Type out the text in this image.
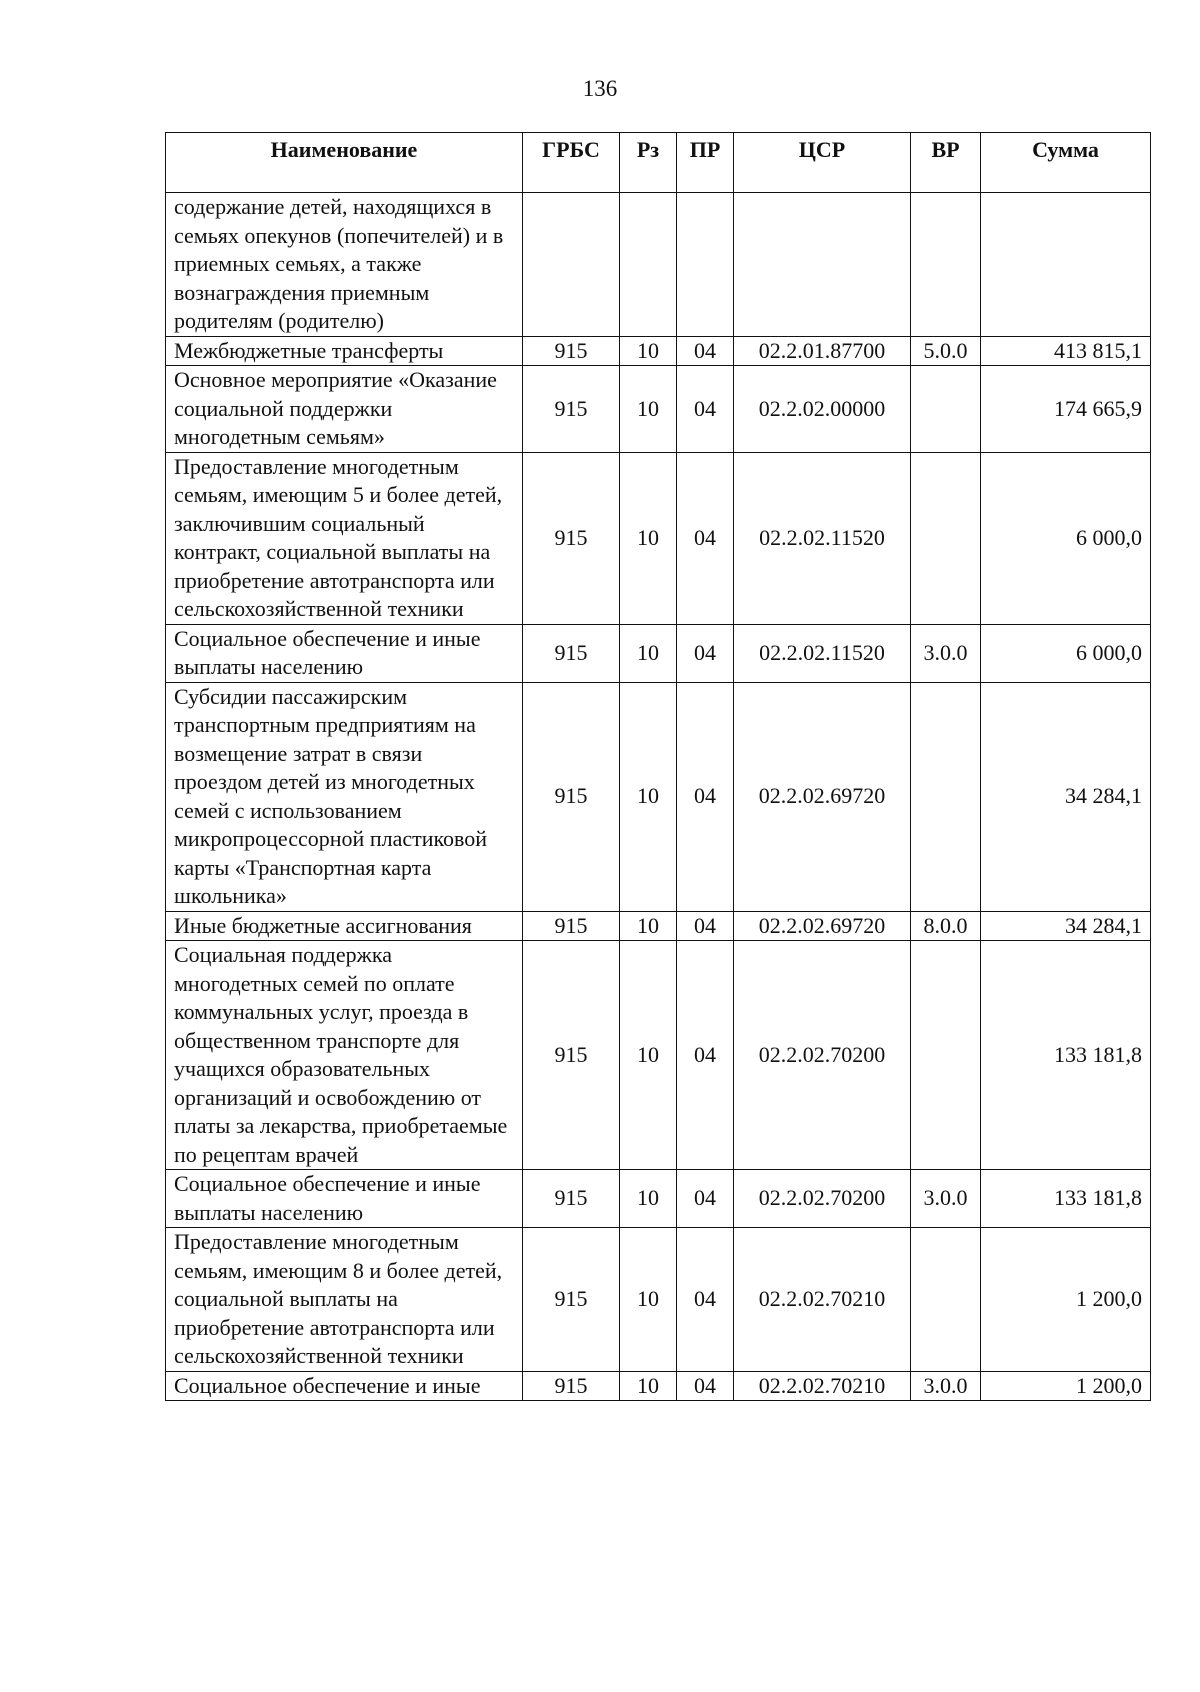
136
Наименование	ГРБС	Рз	ПР	ЦСР	ВР	Сумма
содержание детей, находящихся в семьях опекунов (попечителей) и в приемных семьях, а также вознаграждения приемным родителям (родителю)						
Межбюджетные трансферты	915	10	04	02.2.01.87700	5.0.0	413 815,1
Основное мероприятие «Оказание социальной поддержки многодетным семьям»	915	10	04	02.2.02.00000		174 665,9
Предоставление многодетным семьям, имеющим 5 и более детей, заключившим социальный контракт, социальной выплаты на приобретение автотранспорта или сельскохозяйственной техники	915	10	04	02.2.02.11520		6 000,0
Социальное обеспечение и иные выплаты населению	915	10	04	02.2.02.11520	3.0.0	6 000,0
Субсидии пассажирским транспортным предприятиям на возмещение затрат в связи проездом детей из многодетных семей с использованием микропроцессорной пластиковой карты «Транспортная карта школьника»	915	10	04	02.2.02.69720		34 284,1
Иные бюджетные ассигнования	915	10	04	02.2.02.69720	8.0.0	34 284,1
Социальная поддержка многодетных семей по оплате коммунальных услуг, проезда в общественном транспорте для учащихся образовательных организаций и освобождению от платы за лекарства, приобретаемые по рецептам врачей	915	10	04	02.2.02.70200		133 181,8
Социальное обеспечение и иные выплаты населению	915	10	04	02.2.02.70200	3.0.0	133 181,8
Предоставление многодетным семьям, имеющим 8 и более детей, социальной выплаты на приобретение автотранспорта или сельскохозяйственной техники	915	10	04	02.2.02.70210		1 200,0
Социальное обеспечение и иные	915	10	04	02.2.02.70210	3.0.0	1 200,0
